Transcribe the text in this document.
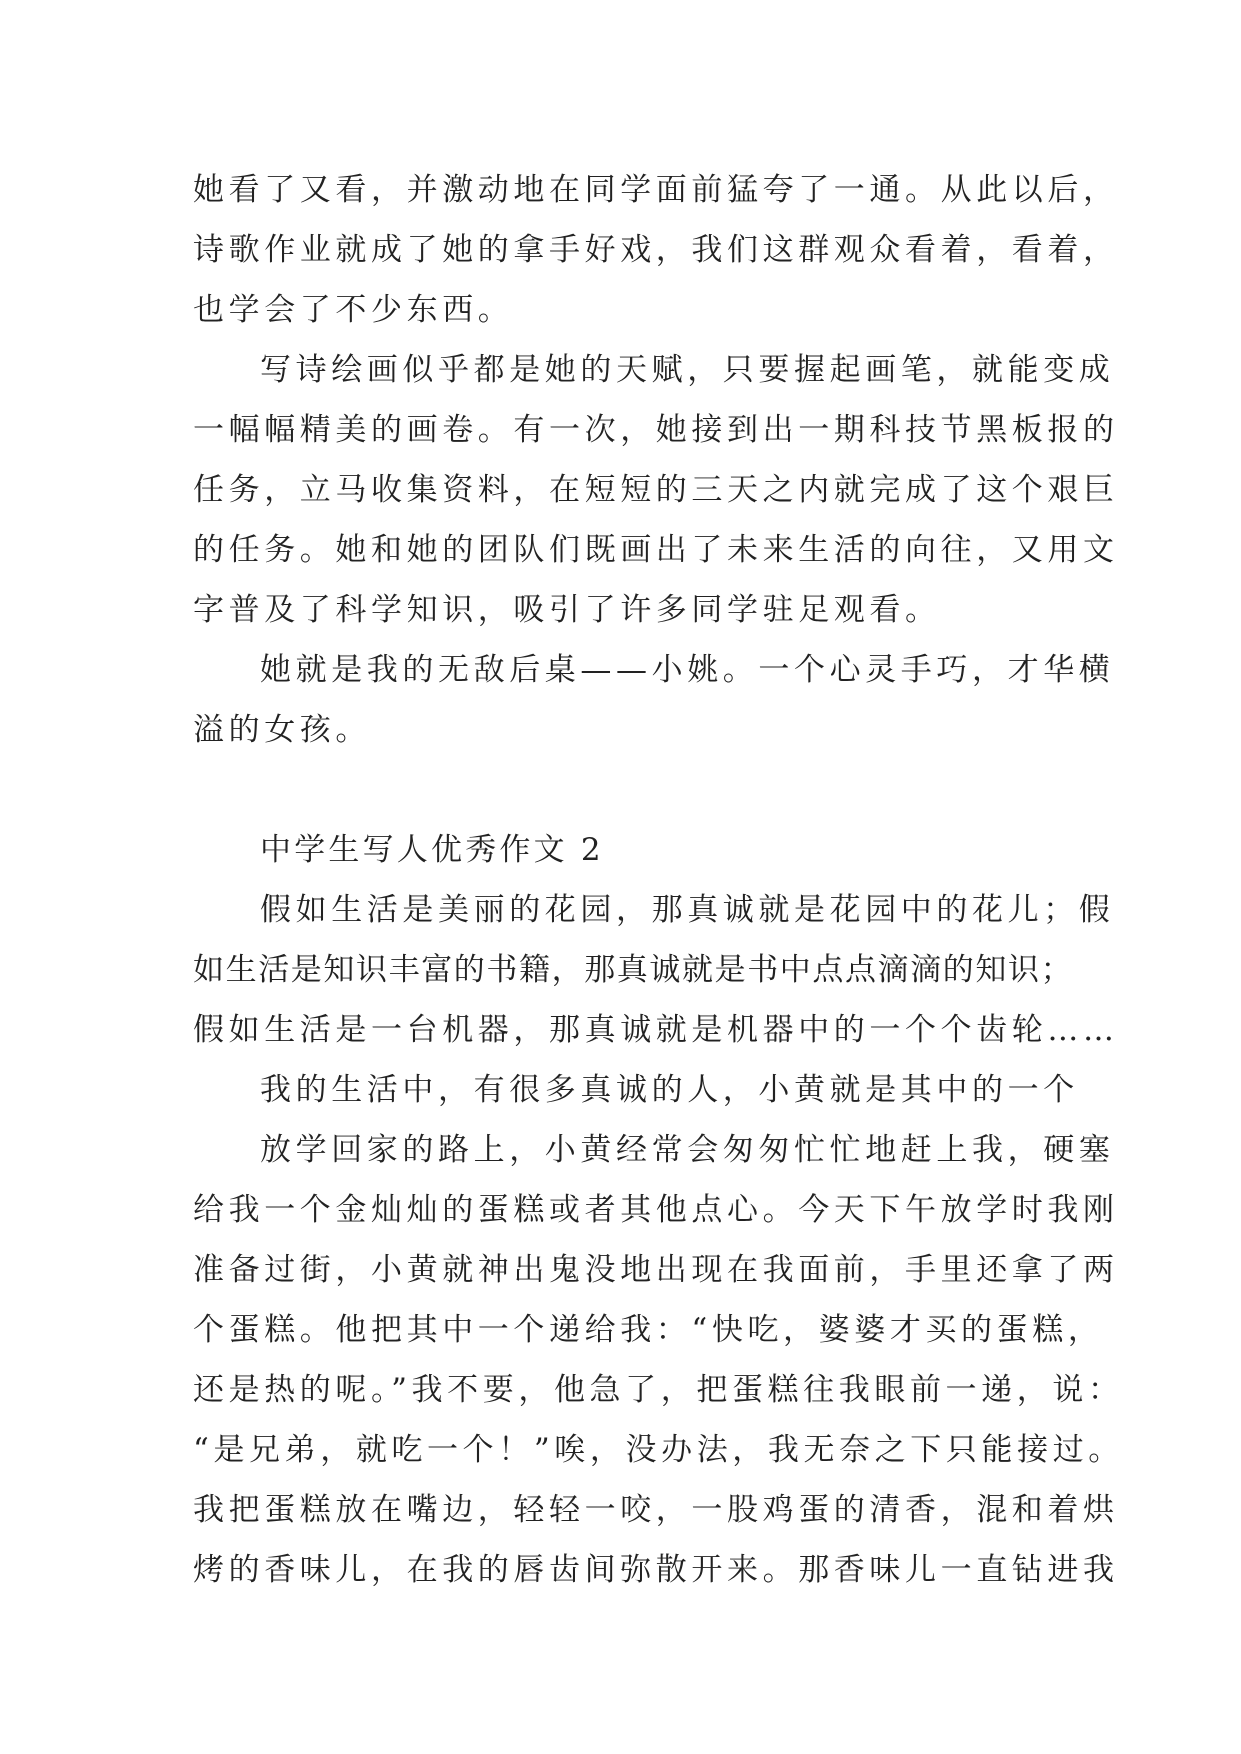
她看了又看，并激动地在同学面前猛夸了一通。从此以后，
诗歌作业就成了她的拿手好戏，我们这群观众看着，看着，
也学会了不少东西。
写诗绘画似乎都是她的天赋，只要握起画笔，就能变成
一幅幅精美的画卷。有一次，她接到出一期科技节黑板报的
任务，立马收集资料，在短短的三天之内就完成了这个艰巨
的任务。她和她的团队们既画出了未来生活的向往，又用文
字普及了科学知识，吸引了许多同学驻足观看。
她就是我的无敌后桌——小姚。一个心灵手巧，才华横
溢的女孩。
中学生写人优秀作文 2
假如生活是美丽的花园，那真诚就是花园中的花儿；假
如生活是知识丰富的书籍，那真诚就是书中点点滴滴的知识；
假如生活是一台机器，那真诚就是机器中的一个个齿轮……
我的生活中，有很多真诚的人，小黄就是其中的一个
放学回家的路上，小黄经常会匆匆忙忙地赶上我，硬塞
给我一个金灿灿的蛋糕或者其他点心。今天下午放学时我刚
准备过街，小黄就神出鬼没地出现在我面前，手里还拿了两
个蛋糕。他把其中一个递给我：“快吃，婆婆才买的蛋糕，
还是热的呢。”我不要，他急了，把蛋糕往我眼前一递，说：
“是兄弟，就吃一个！”唉，没办法，我无奈之下只能接过。
我把蛋糕放在嘴边，轻轻一咬，一股鸡蛋的清香，混和着烘
烤的香味儿，在我的唇齿间弥散开来。那香味儿一直钻进我
